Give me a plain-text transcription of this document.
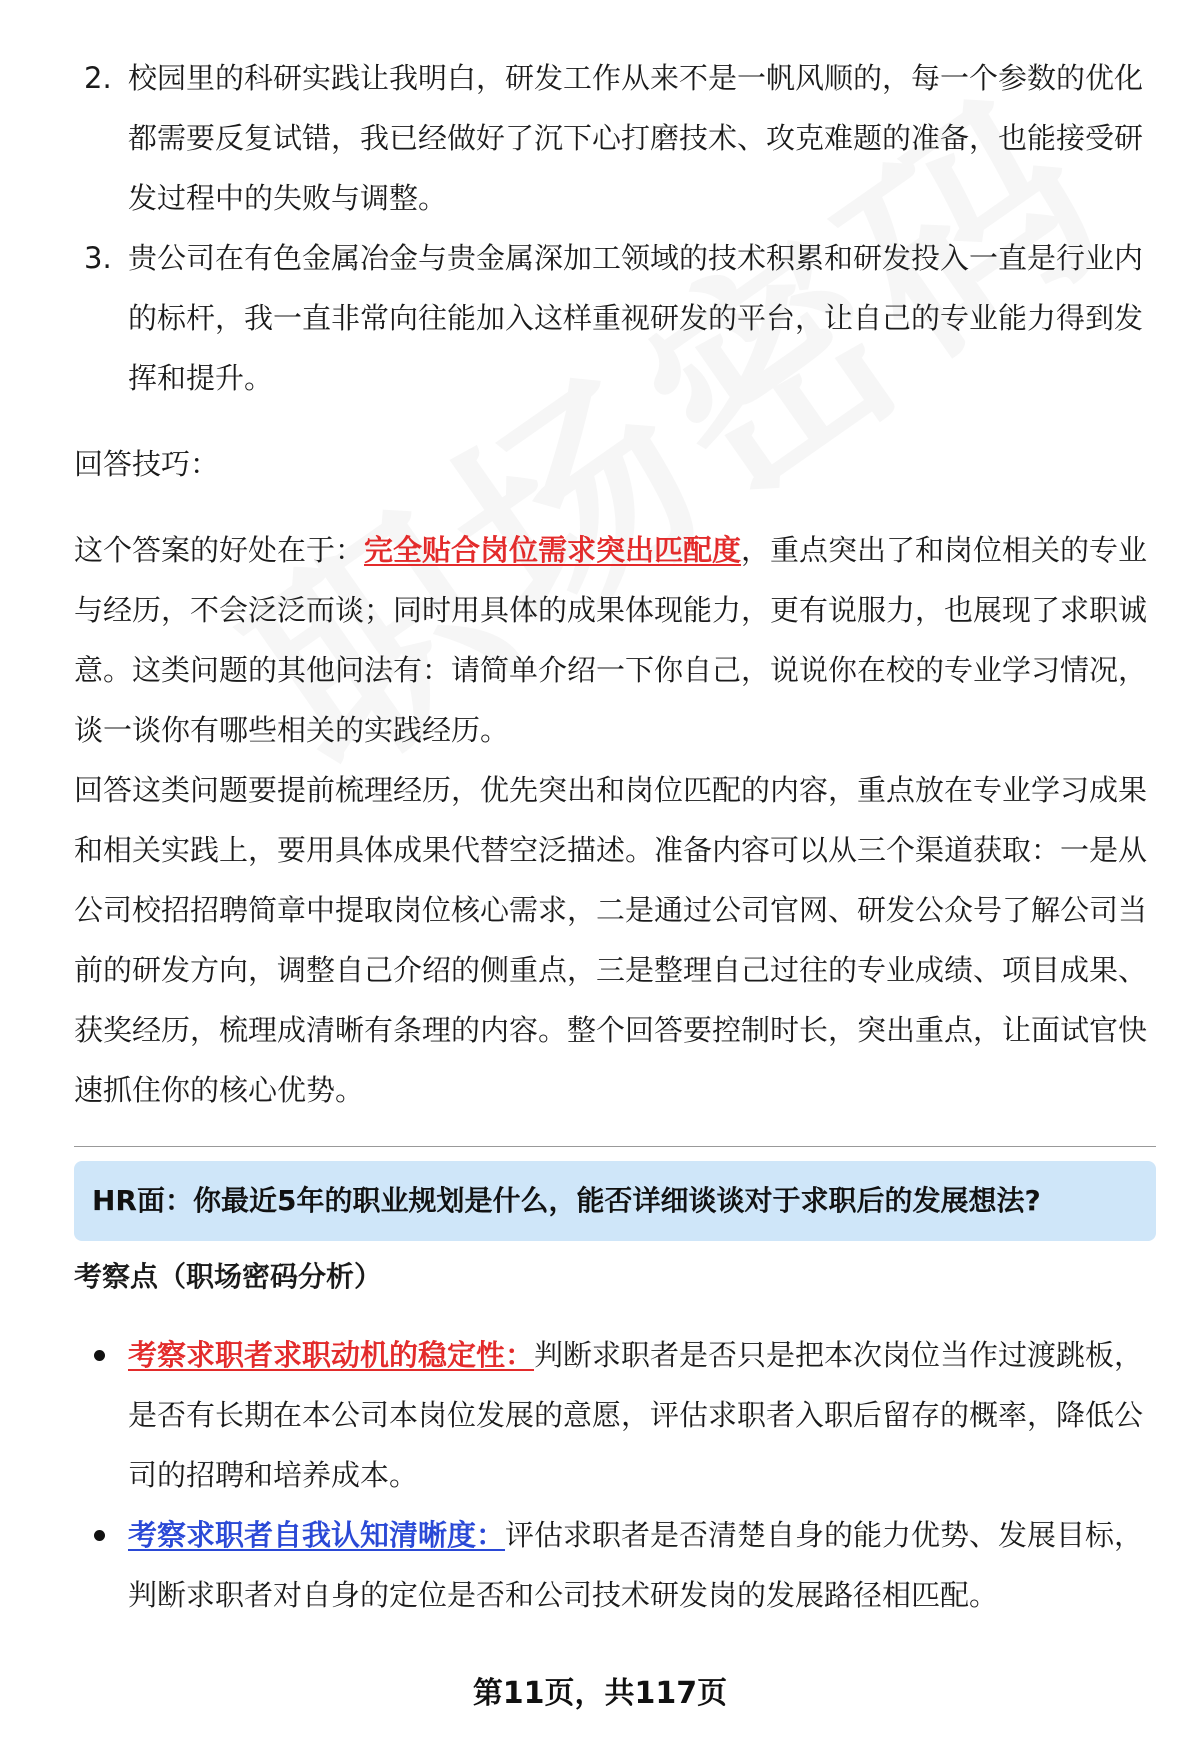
2. 校园里的科研实践让我明白，研发工作从来不是一帆风顺的，每一个参数的优化都需要反复试错，我已经做好了沉下心打磨技术、攻克难题的准备，也能接受研发过程中的失败与调整。
3. 贵公司在有色金属冶金与贵金属深加工领域的技术积累和研发投入一直是行业内的标杆，我一直非常向往能加入这样重视研发的平台，让自己的专业能力得到发挥和提升。

回答技巧：

这个答案的好处在于：完全贴合岗位需求突出匹配度，重点突出了和岗位相关的专业与经历，不会泛泛而谈；同时用具体的成果体现能力，更有说服力，也展现了求职诚意。这类问题的其他问法有：请简单介绍一下你自己，说说你在校的专业学习情况，谈一谈你有哪些相关的实践经历。

回答这类问题要提前梳理经历，优先突出和岗位匹配的内容，重点放在专业学习成果和相关实践上，要用具体成果代替空泛描述。准备内容可以从三个渠道获取：一是从公司校招招聘简章中提取岗位核心需求，二是通过公司官网、研发公众号了解公司当前的研发方向，调整自己介绍的侧重点，三是整理自己过往的专业成绩、项目成果、获奖经历，梳理成清晰有条理的内容。整个回答要控制时长，突出重点，让面试官快速抓住你的核心优势。

HR面：你最近5年的职业规划是什么，能否详细谈谈对于求职后的发展想法?
考察点（职场密码分析）
考察求职者求职动机的稳定性：判断求职者是否只是把本次岗位当作过渡跳板，是否有长期在本公司本岗位发展的意愿，评估求职者入职后留存的概率，降低公司的招聘和培养成本。
考察求职者自我认知清晰度：评估求职者是否清楚自身的能力优势、发展目标，判断求职者对自身的定位是否和公司技术研发岗的发展路径相匹配。
第11页，共117页
